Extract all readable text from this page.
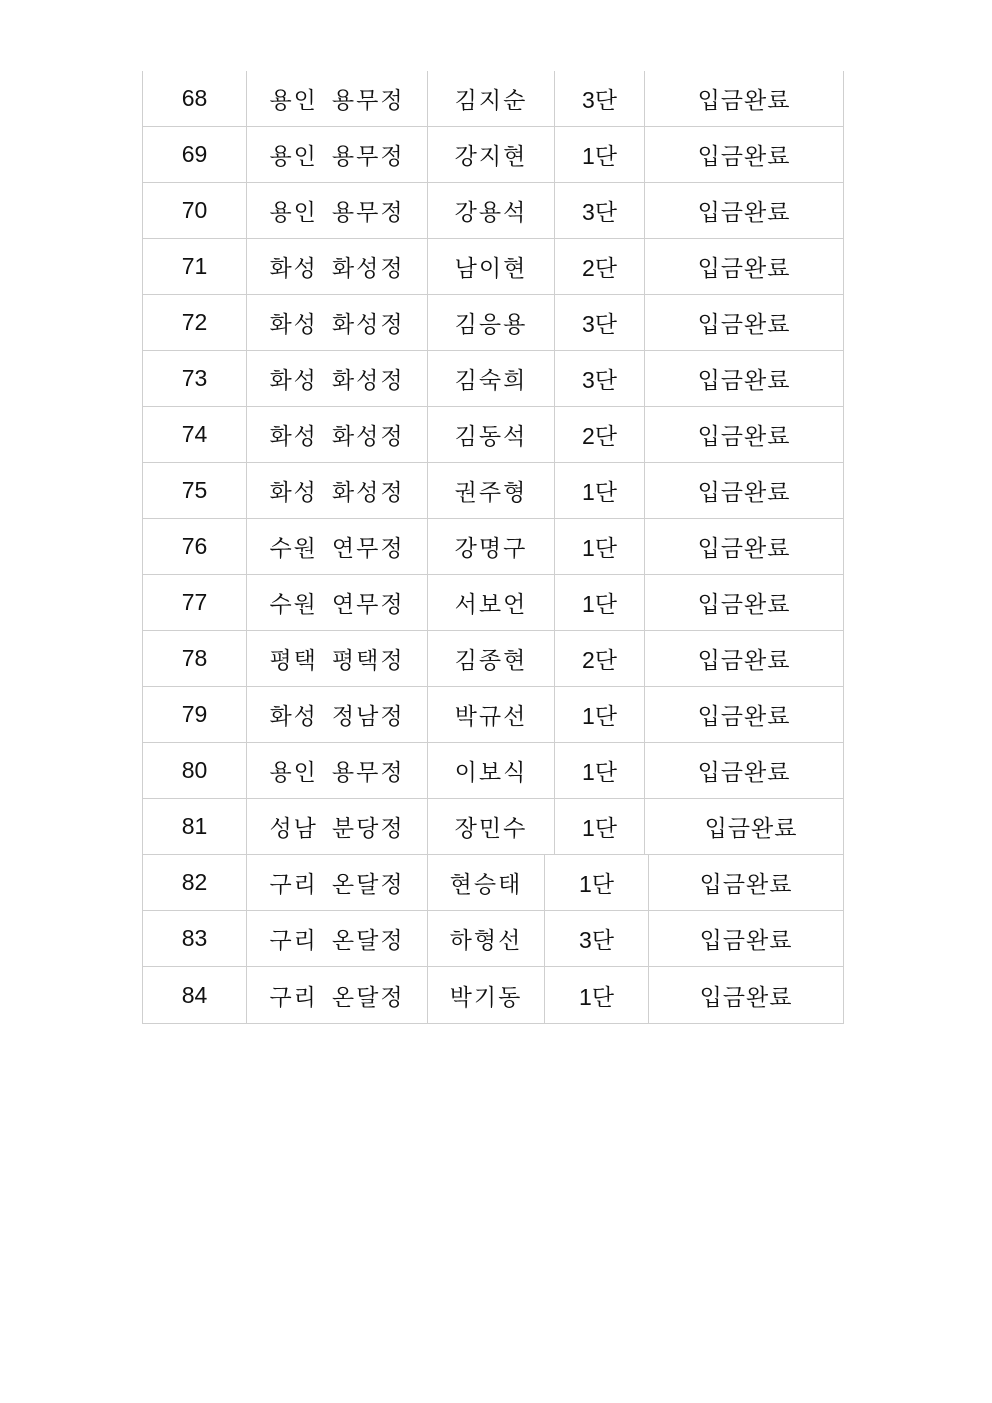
68	용인 용무정 김지순 3단	입금완료
69	용인 용무정 강지현 1단	입금완료
70	용인 용무정 강용석 3단	입금완료
71	화성 화성정 남이현 2단	입금완료
72	화성 화성정 김응용 3단	입금완료
73	화성 화성정 김숙희 3단	입금완료
74	화성 화성정 김동석 2단	입금완료
75	화성 화성정 권주형 1단	입금완료
76	수원 연무정 강명구 1단	입금완료
77	수원 연무정 서보언 1단	입금완료
78	평택 평택정 김종현 2단	입금완료
79	화성 정남정 박규선 1단	입금완료
80	용인 용무정 이보식 1단	입금완료
81	성남 분당정 장민수 1단	입금완료
82	구리 온달정 현승태 1단	입금완료
83	구리 온달정 하형선 3단	입금완료
84	구리 온달정 박기동 1단	입금완료
